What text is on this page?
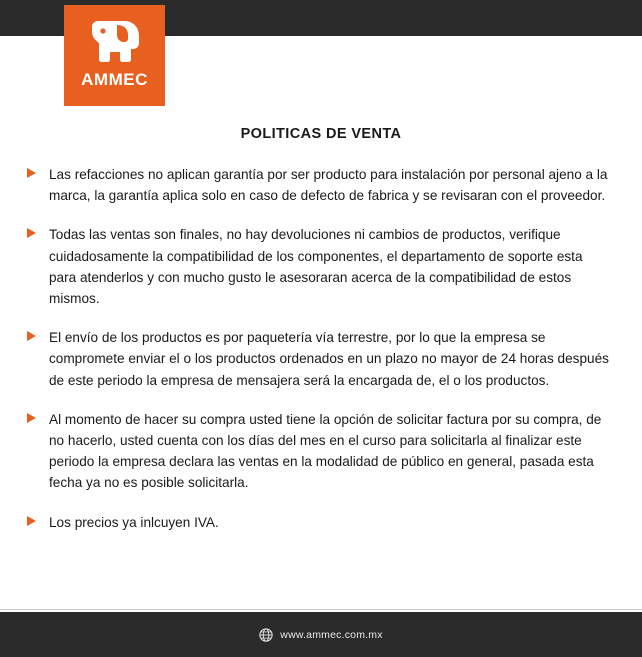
AMMEC
POLITICAS DE VENTA
Las refacciones no aplican garantía por ser producto para instalación por personal ajeno a la marca, la garantía aplica solo en caso de defecto de fabrica y se revisaran con el proveedor.
Todas las ventas son finales, no hay devoluciones ni cambios de productos, verifique cuidadosamente la compatibilidad de los componentes, el departamento de soporte esta para atenderlos y con mucho gusto le asesoraran acerca de la compatibilidad de estos mismos.
El envío de los productos es por paquetería vía terrestre, por lo que la empresa se compromete enviar el o los productos ordenados en un plazo no mayor de 24 horas después de este periodo la empresa de mensajera será la encargada de, el o los productos.
Al momento de hacer su compra usted tiene la opción de solicitar factura por su compra, de no hacerlo, usted cuenta con los días del mes en el curso para solicitarla al finalizar este periodo la empresa declara las ventas en la modalidad de público en general, pasada esta fecha ya no es posible solicitarla.
Los precios ya inlcuyen IVA.
www.ammec.com.mx
